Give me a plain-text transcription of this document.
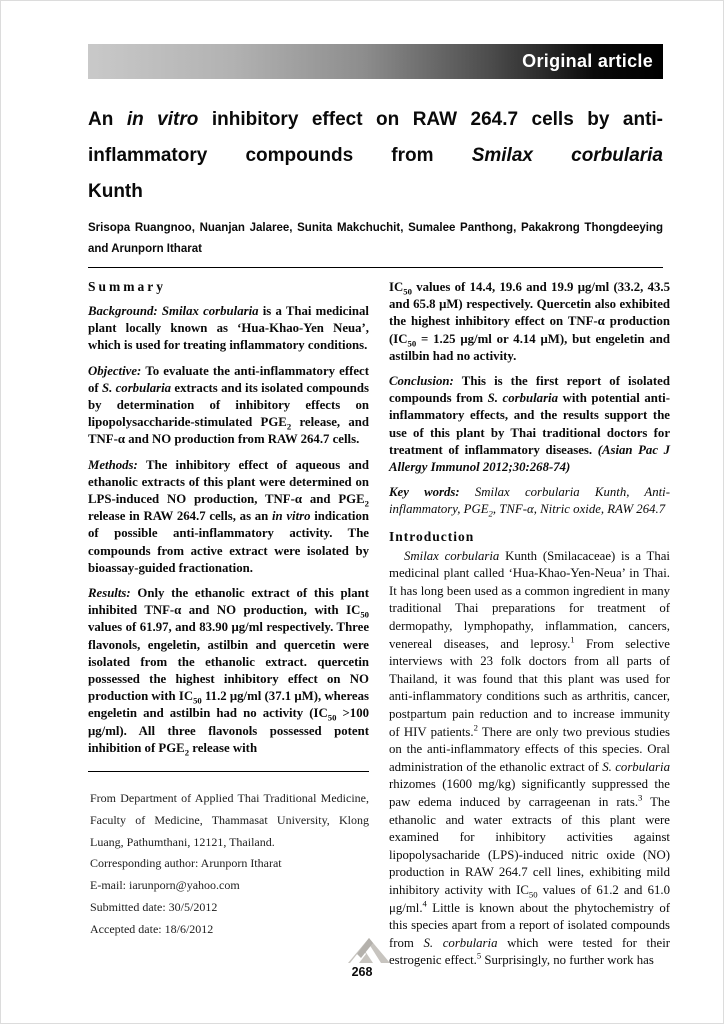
Original article
An in vitro inhibitory effect on RAW 264.7 cells by anti-
inflammatory compounds from Smilax corbularia
Kunth
Srisopa Ruangnoo, Nuanjan Jalaree, Sunita Makchuchit, Sumalee Panthong, Pakakrong Thongdeeying
and Arunporn Itharat
Summary

Background: Smilax corbularia is a Thai medicinal plant locally known as ‘Hua-Khao-Yen Neua’, which is used for treating inflammatory conditions.

Objective: To evaluate the anti-inflammatory effect of S. corbularia extracts and its isolated compounds by determination of inhibitory effects on lipopolysaccharide-stimulated $PGE_2$ release, and TNF-α and NO production from RAW 264.7 cells.

Methods: The inhibitory effect of aqueous and ethanolic extracts of this plant were determined on LPS-induced NO production, TNF-α and $PGE_2$ release in RAW 264.7 cells, as an in vitro indication of possible anti-inflammatory activity. The compounds from active extract were isolated by bioassay-guided fractionation.

Results: Only the ethanolic extract of this plant inhibited TNF-α and NO production, with $IC_{50}$ values of 61.97, and 83.90 μg/ml respectively. Three flavonols, engeletin, astilbin and quercetin were isolated from the ethanolic extract. quercetin possessed the highest inhibitory effect on NO production with $IC_{50}$ 11.2 μg/ml (37.1 μM), whereas engeletin and astilbin had no activity ($IC_{50} >100$ μg/ml). All three flavonols possessed potent inhibition of $PGE_2$ release with

From Department of Applied Thai Traditional Medicine, Faculty of Medicine, Thammasat University, Klong Luang, Pathumthani, 12121, Thailand.

Corresponding author: Arunporn Itharat

E-mail: iarunporn@yahoo.com

Submitted date: 30/5/2012

Accepted date: 18/6/2012

$IC_{50}$ values of 14.4, 19.6 and 19.9 μg/ml (33.2, 43.5 and 65.8 μM) respectively. Quercetin also exhibited the highest inhibitory effect on TNF-α production ($IC_{50} = 1.25$ μg/ml or 4.14 μM), but engeletin and astilbin had no activity.

Conclusion: This is the first report of isolated compounds from S. corbularia with potential anti-inflammatory effects, and the results support the use of this plant by Thai traditional doctors for treatment of inflammatory diseases. (Asian Pac J Allergy Immunol 2012;30:268-74)

Key words: Smilax corbularia Kunth, Anti-inflammatory, $PGE_2$, TNF-α, Nitric oxide, RAW 264.7

Introduction

Smilax corbularia Kunth (Smilacaceae) is a Thai medicinal plant called ‘Hua-Khao-Yen-Neua’ in Thai. It has long been used as a common ingredient in many traditional Thai preparations for treatment of dermopathy, lymphopathy, inflammation, cancers, venereal diseases, and leprosy.$^1$ From selective interviews with 23 folk doctors from all parts of Thailand, it was found that this plant was used for anti-inflammatory conditions such as arthritis, cancer, postpartum pain reduction and to increase immunity of HIV patients.$^2$ There are only two previous studies on the anti-inflammatory effects of this species. Oral administration of the ethanolic extract of S. corbularia rhizomes (1600 mg/kg) significantly suppressed the paw edema induced by carrageenan in rats.$^3$ The ethanolic and water extracts of this plant were examined for inhibitory activities against lipopolysacharide (LPS)-induced nitric oxide (NO) production in RAW 264.7 cell lines, exhibiting mild inhibitory activity with $IC_{50}$ values of 61.2 and 61.0 μg/ml.$^4$ Little is known about the phytochemistry of this species apart from a report of isolated compounds from S. corbularia which were tested for their estrogenic effect.$^5$ Surprisingly, no further work has

268
